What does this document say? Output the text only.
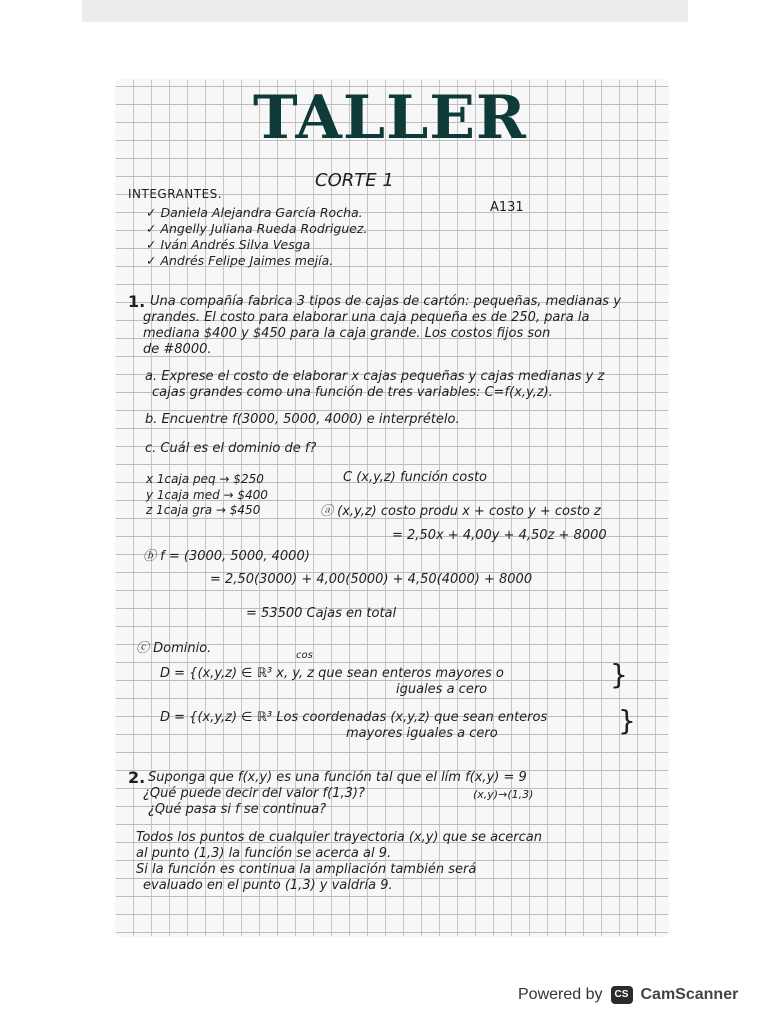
TALLER
CORTE 1
INTEGRANTES.
✓ Daniela Alejandra García Rocha.
✓ Angelly Juliana Rueda Rodriguez.
✓ Iván Andrés Silva Vesga
✓ Andrés Felipe Jaimes mejía.
A131
1. Una compañía fabrica 3 tipos de cajas de cartón: pequeñas, medianas y
grandes. El costo para elaborar una caja pequeña es de 250, para la
mediana $400 y $450 para la caja grande. Los costos fijos son
de #8000.
a. Exprese el costo de elaborar x cajas pequeñas y cajas medianas y z
cajas grandes como una función de tres variables: C=f(x,y,z).
b. Encuentre f(3000, 5000, 4000) e interprételo.
c. Cuál es el dominio de f?
x 1caja peq → $250
y 1caja med → $400
z 1caja gra → $450
C (x,y,z) función costo
ⓐ (x,y,z) costo produ x + costo y + costo z
= 2,50x + 4,00y + 4,50z + 8000
ⓑ f = (3000, 5000, 4000)
= 2,50(3000) + 4,00(5000) + 4,50(4000) + 8000
= 53500 Cajas en total
ⓒ Dominio.	cos
D = {(x,y,z) ∈ ℝ³ x, y, z que sean enteros mayores o
iguales a cero	}
D = {(x,y,z) ∈ ℝ³ Los coordenadas (x,y,z) que sean enteros
mayores iguales a cero	}
2. Suponga que f(x,y) es una función tal que el lím f(x,y) = 9
(x,y)→(1,3)
¿Qué puede decir del valor f(1,3)?
¿Qué pasa si f se continua?
Todos los puntos de cualquier trayectoria (x,y) que se acercan
al punto (1,3) la función se acerca al 9.
Si la función es continua la ampliación también será
evaluado en el punto (1,3) y valdría 9.
Powered by	CS CamScanner
